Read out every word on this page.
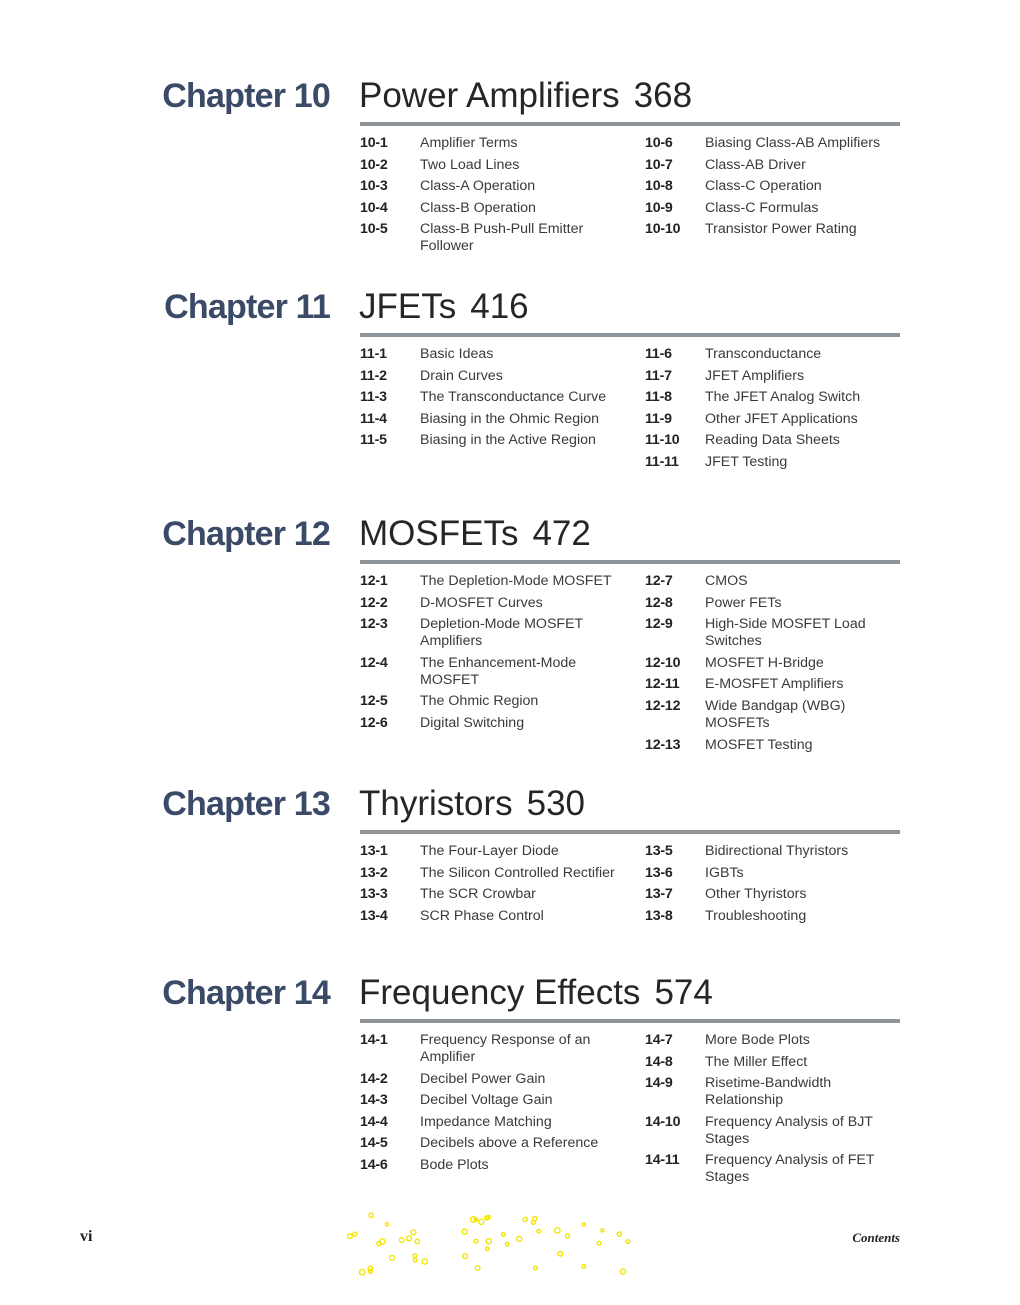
Chapter 10 Power Amplifiers 368
10-1 Amplifier Terms
10-2 Two Load Lines
10-3 Class-A Operation
10-4 Class-B Operation
10-5 Class-B Push-Pull Emitter Follower
10-6 Biasing Class-AB Amplifiers
10-7 Class-AB Driver
10-8 Class-C Operation
10-9 Class-C Formulas
10-10 Transistor Power Rating
Chapter 11 JFETs 416
11-1 Basic Ideas
11-2 Drain Curves
11-3 The Transconductance Curve
11-4 Biasing in the Ohmic Region
11-5 Biasing in the Active Region
11-6 Transconductance
11-7 JFET Amplifiers
11-8 The JFET Analog Switch
11-9 Other JFET Applications
11-10 Reading Data Sheets
11-11 JFET Testing
Chapter 12 MOSFETs 472
12-1 The Depletion-Mode MOSFET
12-2 D-MOSFET Curves
12-3 Depletion-Mode MOSFET Amplifiers
12-4 The Enhancement-Mode MOSFET
12-5 The Ohmic Region
12-6 Digital Switching
12-7 CMOS
12-8 Power FETs
12-9 High-Side MOSFET Load Switches
12-10 MOSFET H-Bridge
12-11 E-MOSFET Amplifiers
12-12 Wide Bandgap (WBG) MOSFETs
12-13 MOSFET Testing
Chapter 13 Thyristors 530
13-1 The Four-Layer Diode
13-2 The Silicon Controlled Rectifier
13-3 The SCR Crowbar
13-4 SCR Phase Control
13-5 Bidirectional Thyristors
13-6 IGBTs
13-7 Other Thyristors
13-8 Troubleshooting
Chapter 14 Frequency Effects 574
14-1 Frequency Response of an Amplifier
14-2 Decibel Power Gain
14-3 Decibel Voltage Gain
14-4 Impedance Matching
14-5 Decibels above a Reference
14-6 Bode Plots
14-7 More Bode Plots
14-8 The Miller Effect
14-9 Risetime-Bandwidth Relationship
14-10 Frequency Analysis of BJT Stages
14-11 Frequency Analysis of FET Stages
vi	Contents
